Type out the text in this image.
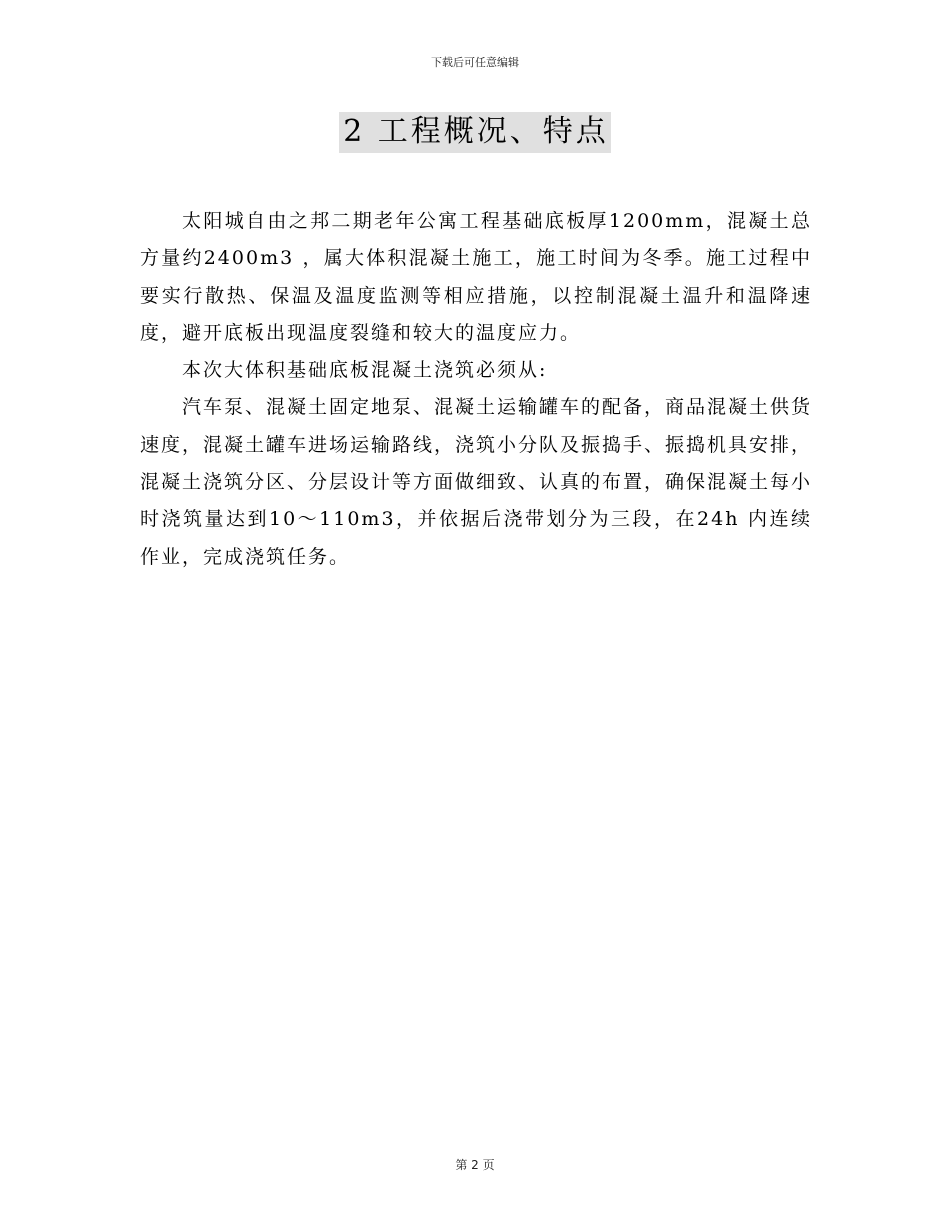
下载后可任意编辑
2 工程概况、特点

太阳城自由之邦二期老年公寓工程基础底板厚1200mm，混凝土总方量约2400m3 ，属大体积混凝土施工，施工时间为冬季。施工过程中要实行散热、保温及温度监测等相应措施，以控制混凝土温升和温降速度，避开底板出现温度裂缝和较大的温度应力。

本次大体积基础底板混凝土浇筑必须从:

汽车泵、混凝土固定地泵、混凝土运输罐车的配备，商品混凝土供货速度，混凝土罐车进场运输路线，浇筑小分队及振捣手、振捣机具安排，混凝土浇筑分区、分层设计等方面做细致、认真的布置，确保混凝土每小时浇筑量达到10～110m3，并依据后浇带划分为三段，在24h 内连续作业，完成浇筑任务。

第 2 页
